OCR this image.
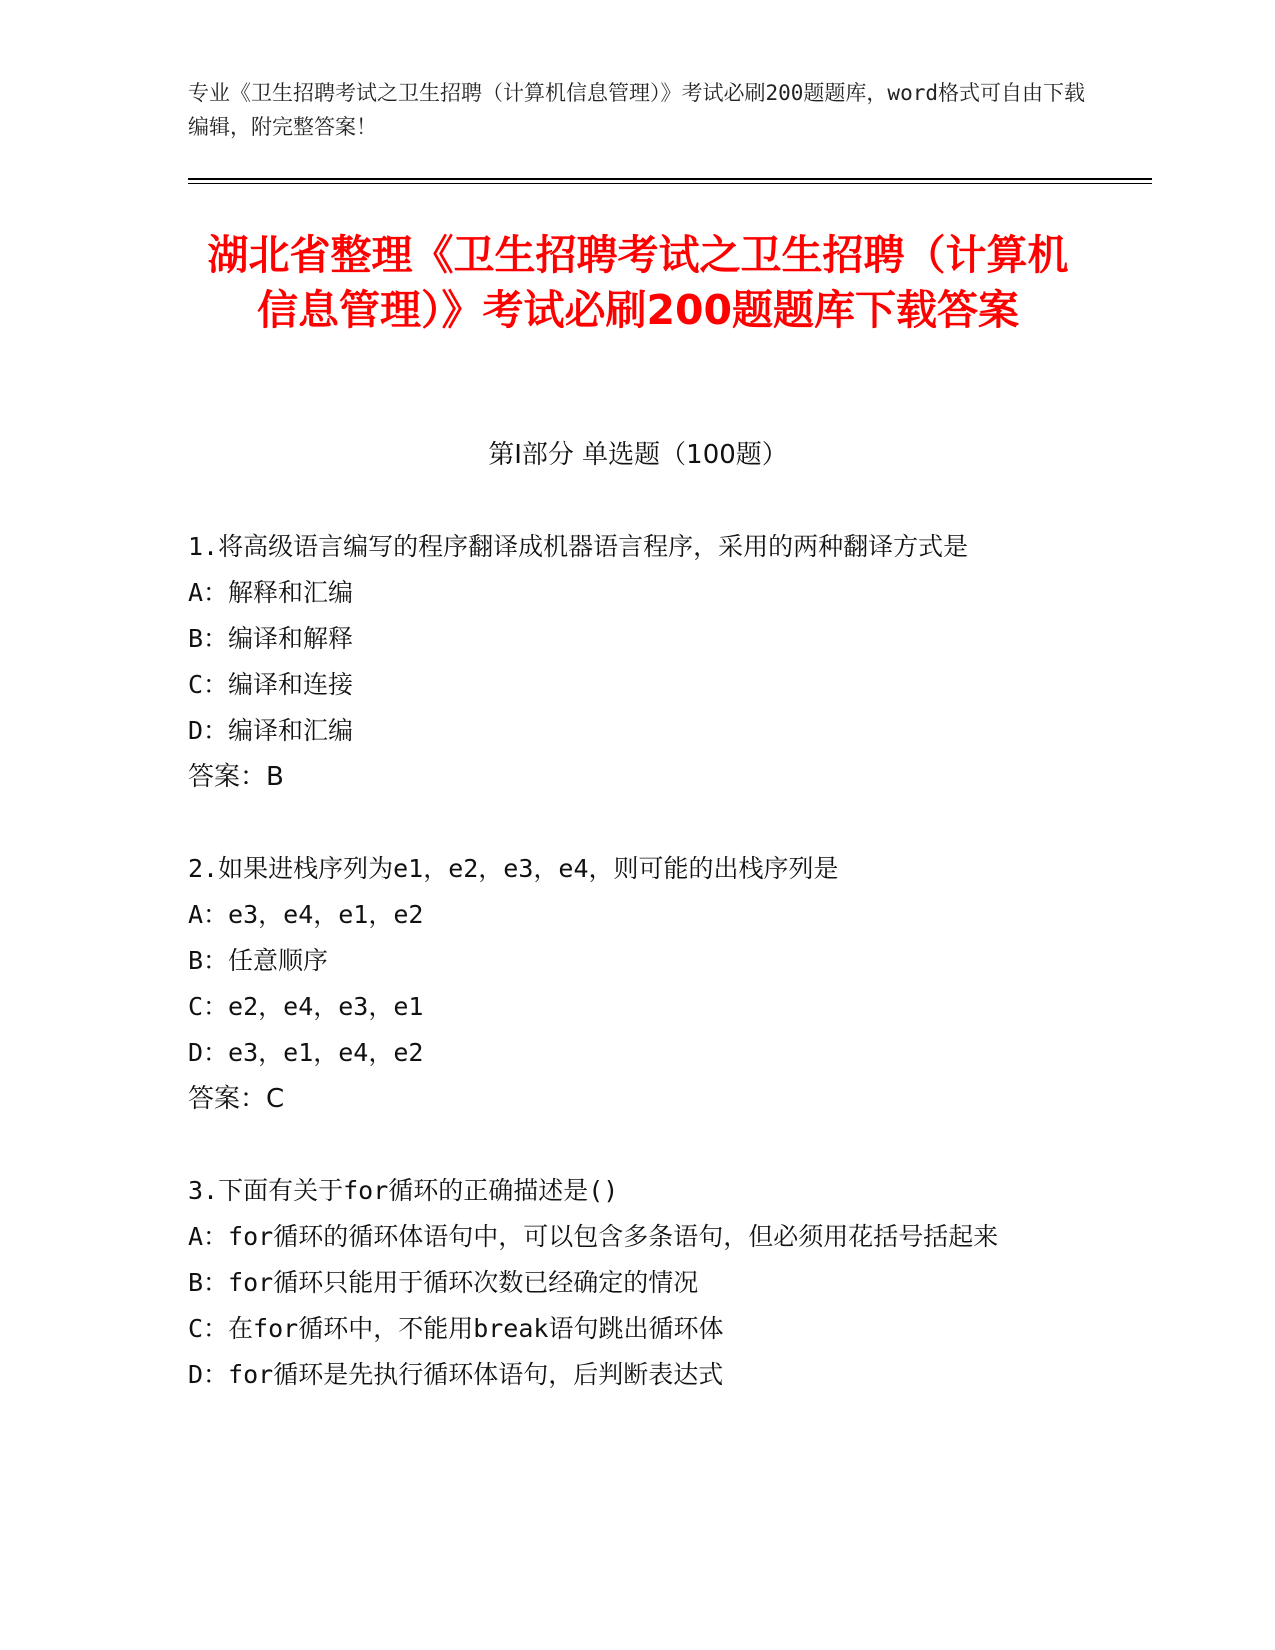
专业《卫生招聘考试之卫生招聘（计算机信息管理）》考试必刷200题题库，word格式可自由下载编辑，附完整答案！
湖北省整理《卫生招聘考试之卫生招聘（计算机信息管理）》考试必刷200题题库下载答案
第I部分 单选题（100题）
1.将高级语言编写的程序翻译成机器语言程序，采用的两种翻译方式是
A：解释和汇编
B：编译和解释
C：编译和连接
D：编译和汇编
答案：B
2.如果进栈序列为e1，e2，e3，e4，则可能的出栈序列是
A：e3，e4，e1，e2
B：任意顺序
C：e2，e4，e3，e1
D：e3，e1，e4，e2
答案：C
3.下面有关于for循环的正确描述是()
A：for循环的循环体语句中，可以包含多条语句，但必须用花括号括起来
B：for循环只能用于循环次数已经确定的情况
C：在for循环中，不能用break语句跳出循环体
D：for循环是先执行循环体语句，后判断表达式
